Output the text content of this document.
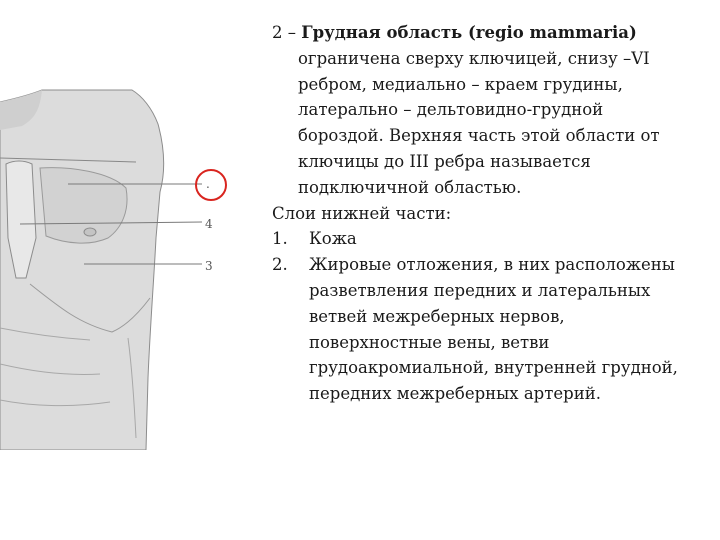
.
4
3

2 – Грудная область (regio mammaria) ограничена сверху ключицей, снизу –VI ребром, медиально – краем грудины, латерально – дельтовидно-грудной бороздой. Верхняя часть этой области от ключицы до III ребра называется подключичной областью.

Слои нижней части:

1.	Кожа
2.	Жировые отложения, в них расположены разветвления передних и латеральных ветвей межреберных нервов, поверхностные вены, ветви грудоакромиальной, внутренней грудной, передних межреберных артерий.
